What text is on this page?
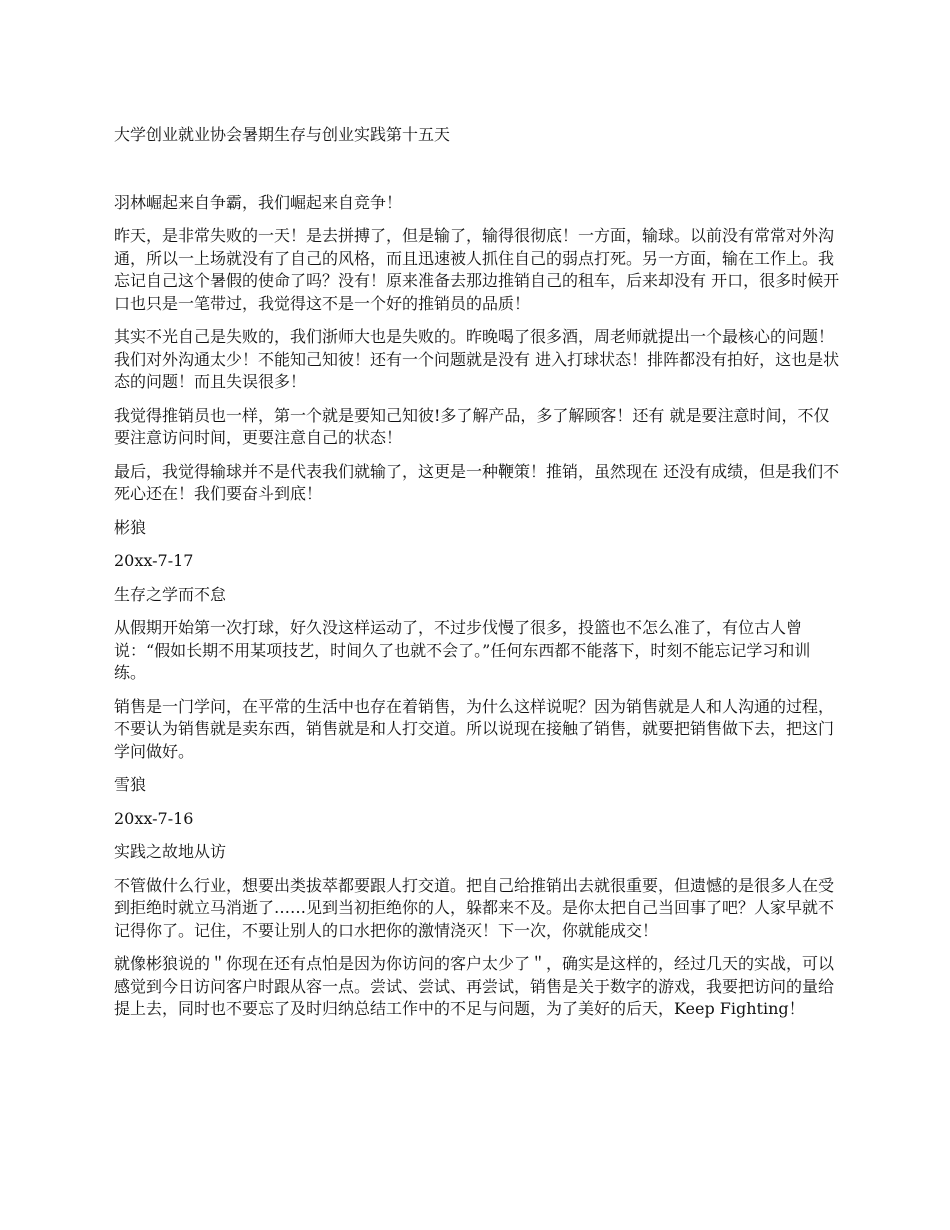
大学创业就业协会暑期生存与创业实践第十五天

羽林崛起来自争霸，我们崛起来自竞争！

昨天，是非常失败的一天！是去拼搏了，但是输了，输得很彻底！一方面，输球。以前没有常常对外沟通，所以一上场就没有了自己的风格，而且迅速被人抓住自己的弱点打死。另一方面，输在工作上。我忘记自己这个暑假的使命了吗？没有！原来准备去那边推销自己的租车，后来却没有 开口，很多时候开口也只是一笔带过，我觉得这不是一个好的推销员的品质！

其实不光自己是失败的，我们浙师大也是失败的。昨晚喝了很多酒，周老师就提出一个最核心的问题！我们对外沟通太少！不能知己知彼！还有一个问题就是没有 进入打球状态！排阵都没有拍好，这也是状态的问题！而且失误很多！

我觉得推销员也一样，第一个就是要知己知彼!多了解产品，多了解顾客！还有 就是要注意时间，不仅要注意访问时间，更要注意自己的状态！

最后，我觉得输球并不是代表我们就输了，这更是一种鞭策！推销，虽然现在 还没有成绩，但是我们不死心还在！我们要奋斗到底！

彬狼

20xx-7-17

生存之学而不怠

从假期开始第一次打球，好久没这样运动了，不过步伐慢了很多，投篮也不怎么准了，有位古人曾说：“假如长期不用某项技艺，时间久了也就不会了。”任何东西都不能落下，时刻不能忘记学习和训练。

销售是一门学问，在平常的生活中也存在着销售，为什么这样说呢？因为销售就是人和人沟通的过程，不要认为销售就是卖东西，销售就是和人打交道。所以说现在接触了销售，就要把销售做下去，把这门学问做好。

雪狼

20xx-7-16

实践之故地从访

不管做什么行业，想要出类拔萃都要跟人打交道。把自己给推销出去就很重要，但遗憾的是很多人在受到拒绝时就立马消逝了……见到当初拒绝你的人，躲都来不及。是你太把自己当回事了吧？人家早就不记得你了。记住，不要让别人的口水把你的激情浇灭！下一次，你就能成交！

就像彬狼说的＂你现在还有点怕是因为你访问的客户太少了＂，确实是这样的，经过几天的实战，可以感觉到今日访问客户时跟从容一点。尝试、尝试、再尝试，销售是关于数字的游戏，我要把访问的量给提上去，同时也不要忘了及时归纳总结工作中的不足与问题，为了美好的后天，Keep Fighting！
